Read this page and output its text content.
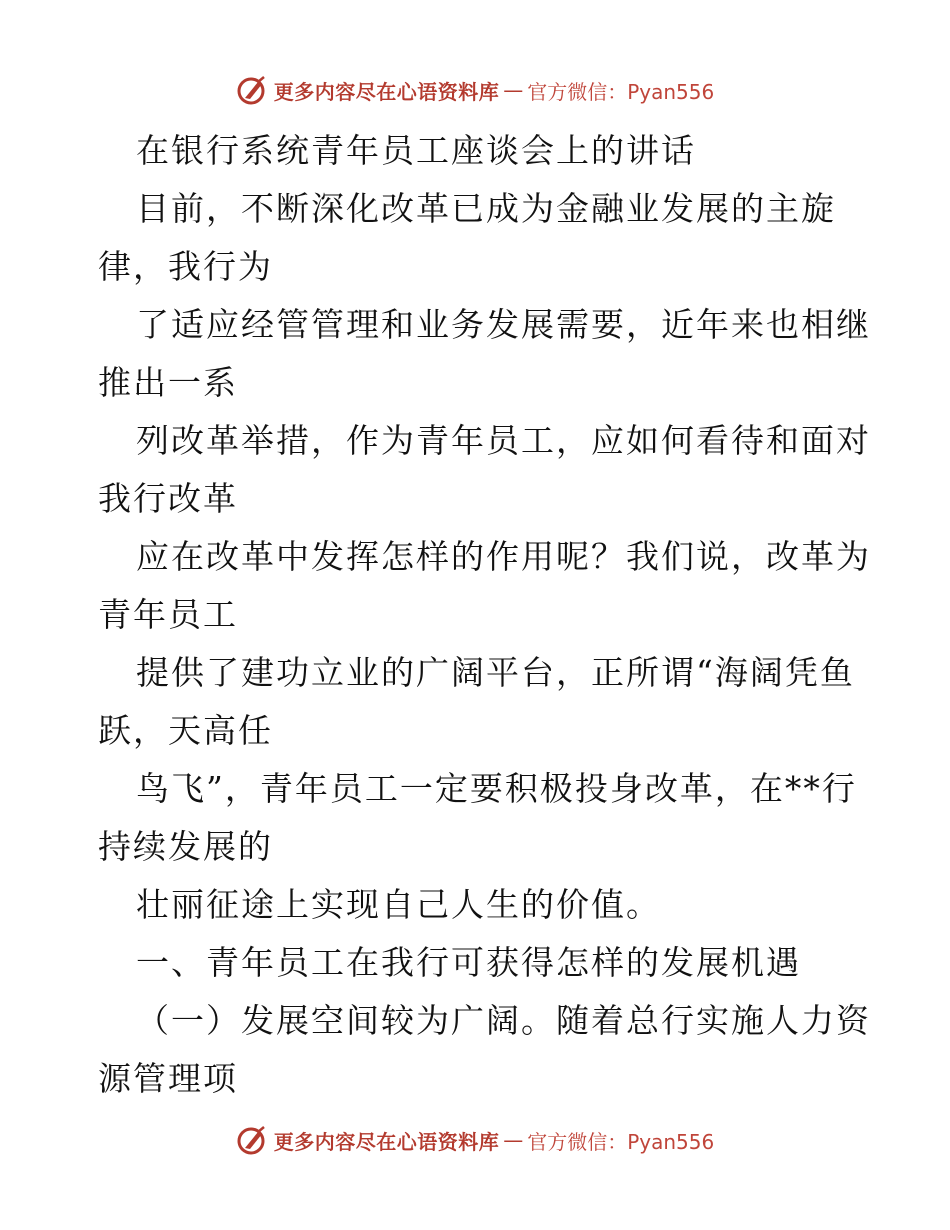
更多内容尽在心语资料库 — 官方微信：Pyan556
在银行系统青年员工座谈会上的讲话
目前，不断深化改革已成为金融业发展的主旋
律，我行为
了适应经管管理和业务发展需要，近年来也相继
推出一系
列改革举措，作为青年员工，应如何看待和面对
我行改革
应在改革中发挥怎样的作用呢？我们说，改革为
青年员工
提供了建功立业的广阔平台，正所谓“海阔凭鱼
跃，天高任
鸟飞”，青年员工一定要积极投身改革，在**行
持续发展的
壮丽征途上实现自己人生的价值。
一、青年员工在我行可获得怎样的发展机遇
（一）发展空间较为广阔。随着总行实施人力资
源管理项
更多内容尽在心语资料库 — 官方微信：Pyan556
